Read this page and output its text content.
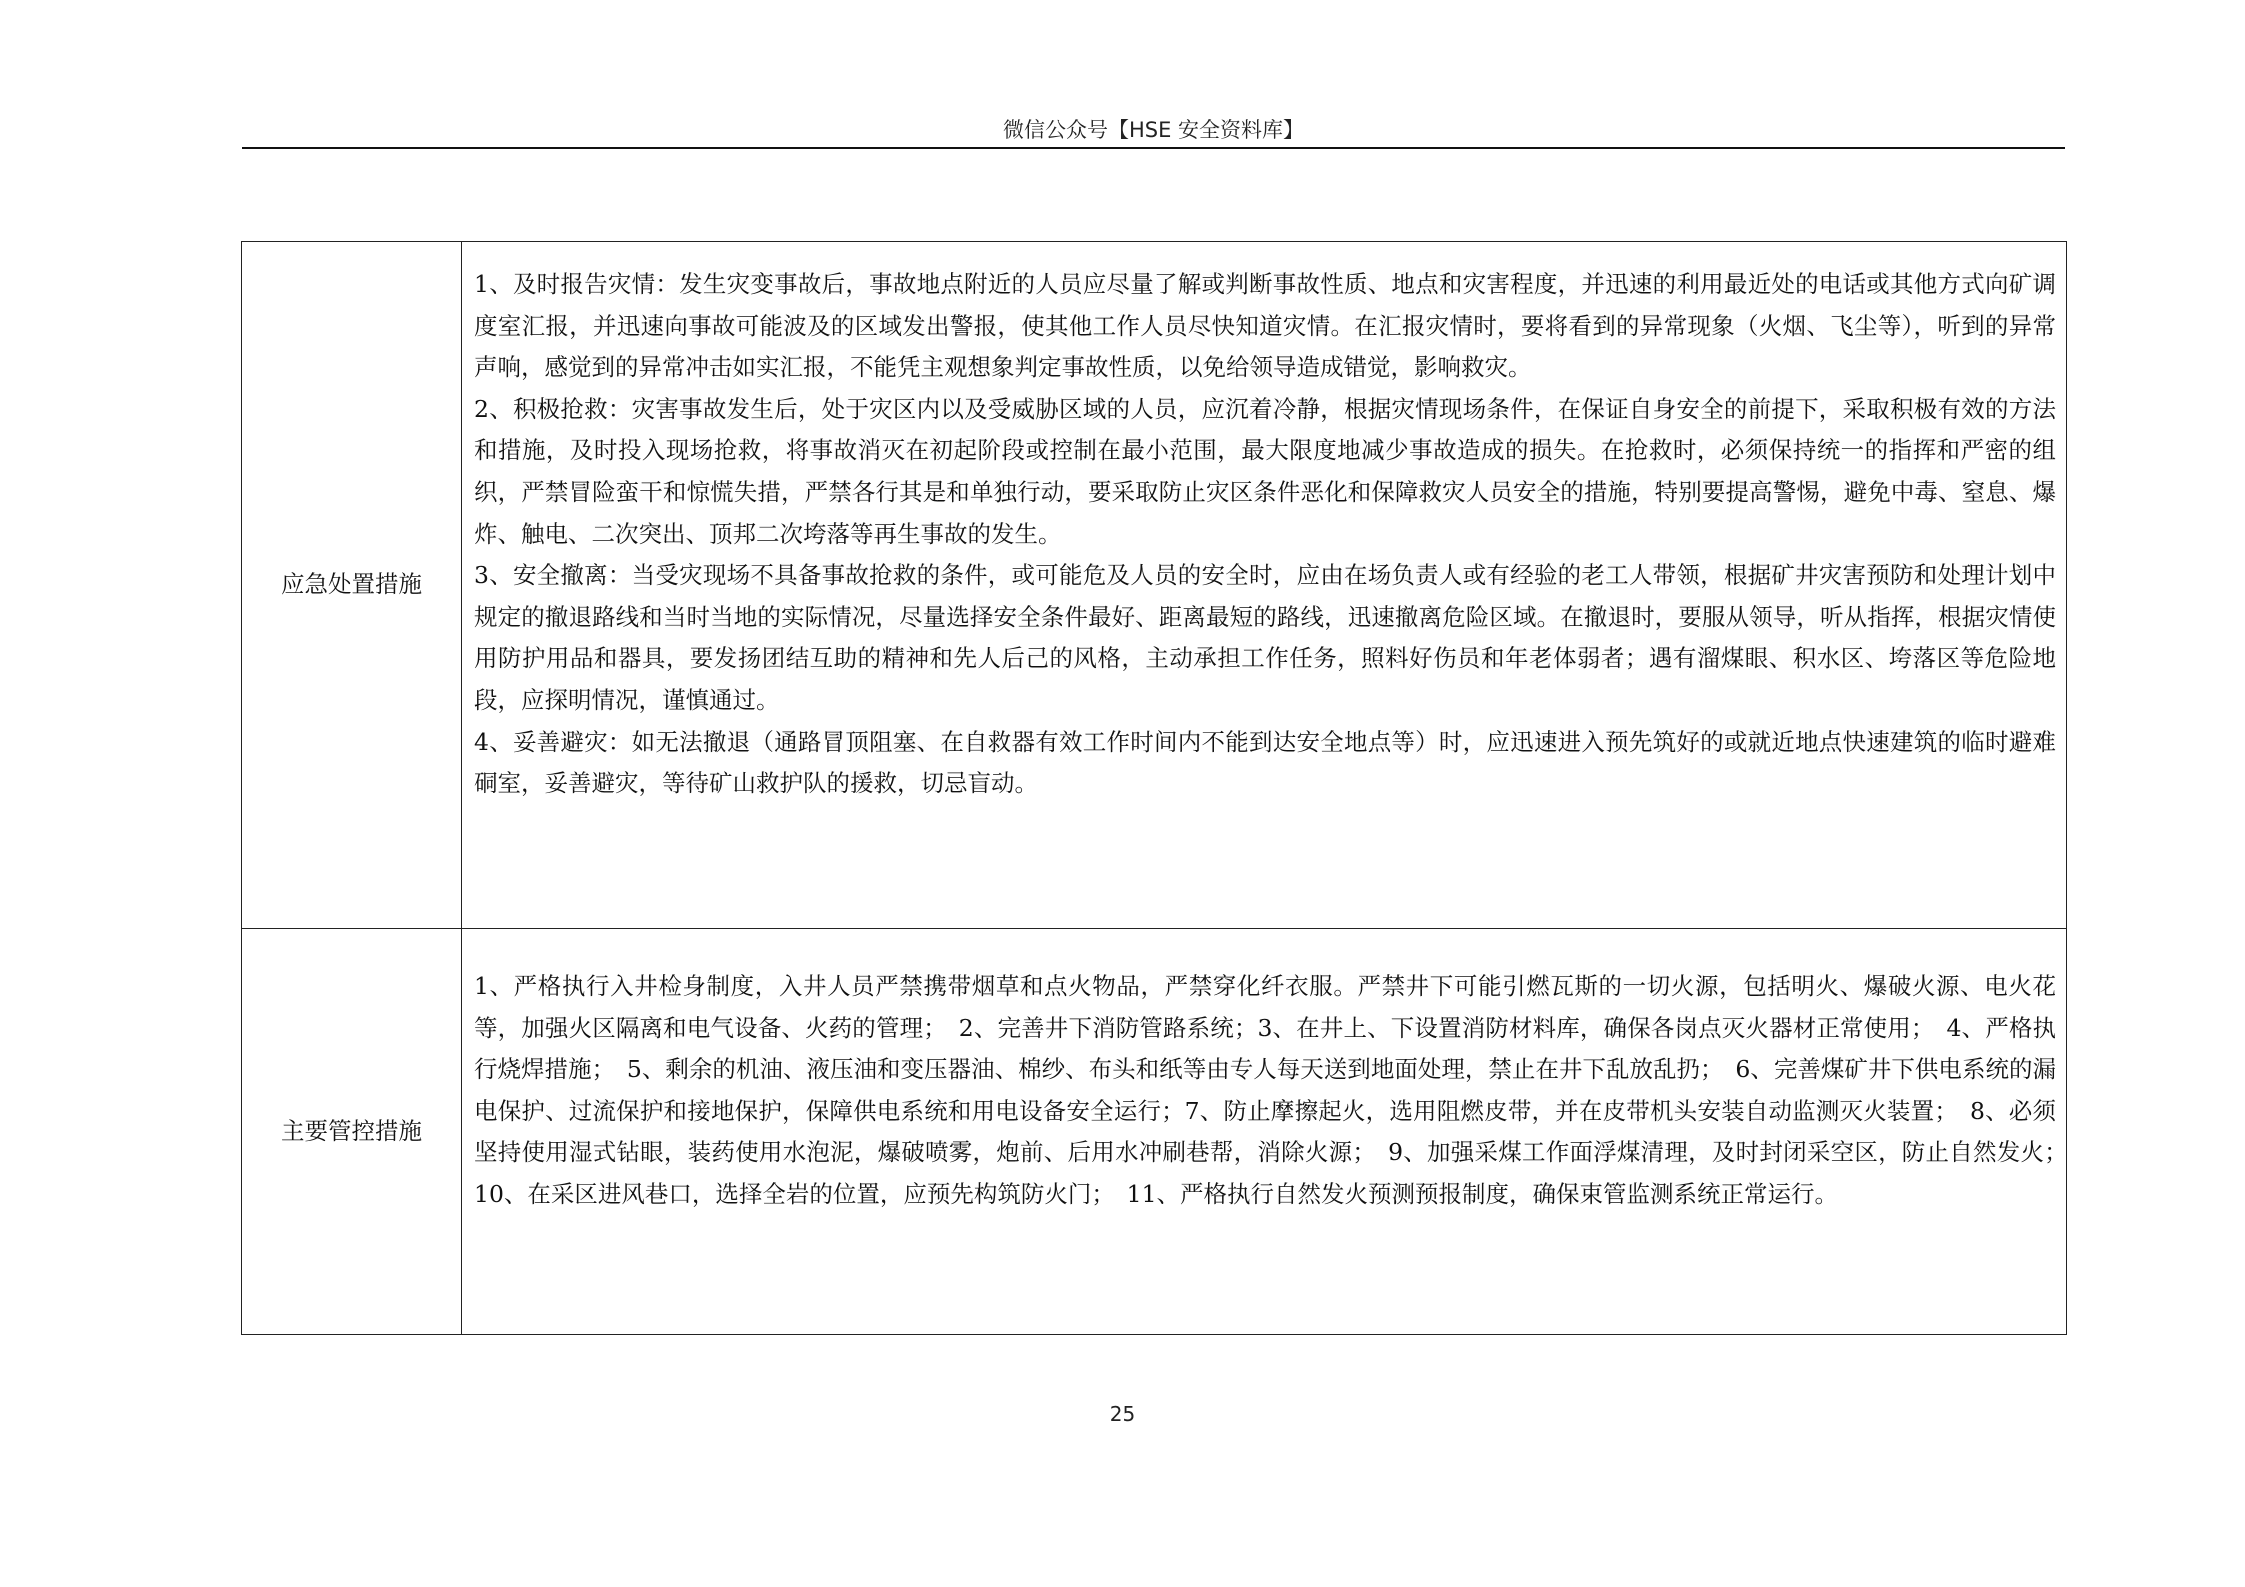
微信公众号【HSE 安全资料库】
应急处置措施	1、及时报告灾情：发生灾变事故后，事故地点附近的人员应尽量了解或判断事故性质、地点和灾害程度，并迅速的利用最近处的电话或其他方式向矿调度室汇报，并迅速向事故可能波及的区域发出警报，使其他工作人员尽快知道灾情。在汇报灾情时，要将看到的异常现象（火烟、飞尘等），听到的异常声响，感觉到的异常冲击如实汇报，不能凭主观想象判定事故性质，以免给领导造成错觉，影响救灾。

2、积极抢救：灾害事故发生后，处于灾区内以及受威胁区域的人员，应沉着冷静，根据灾情现场条件，在保证自身安全的前提下，采取积极有效的方法和措施，及时投入现场抢救，将事故消灭在初起阶段或控制在最小范围，最大限度地减少事故造成的损失。在抢救时，必须保持统一的指挥和严密的组织，严禁冒险蛮干和惊慌失措，严禁各行其是和单独行动，要采取防止灾区条件恶化和保障救灾人员安全的措施，特别要提高警惕，避免中毒、窒息、爆炸、触电、二次突出、顶邦二次垮落等再生事故的发生。

3、安全撤离：当受灾现场不具备事故抢救的条件，或可能危及人员的安全时，应由在场负责人或有经验的老工人带领，根据矿井灾害预防和处理计划中规定的撤退路线和当时当地的实际情况，尽量选择安全条件最好、距离最短的路线，迅速撤离危险区域。在撤退时，要服从领导，听从指挥，根据灾情使用防护用品和器具，要发扬团结互助的精神和先人后己的风格，主动承担工作任务，照料好伤员和年老体弱者；遇有溜煤眼、积水区、垮落区等危险地段，应探明情况，谨慎通过。

4、妥善避灾：如无法撤退（通路冒顶阻塞、在自救器有效工作时间内不能到达安全地点等）时，应迅速进入预先筑好的或就近地点快速建筑的临时避难硐室，妥善避灾，等待矿山救护队的援救，切忌盲动。

主要管控措施	1、严格执行入井检身制度，入井人员严禁携带烟草和点火物品，严禁穿化纤衣服。严禁井下可能引燃瓦斯的一切火源，包括明火、爆破火源、电火花等，加强火区隔离和电气设备、火药的管理；　2、完善井下消防管路系统；3、在井上、下设置消防材料库，确保各岗点灭火器材正常使用；　4、严格执行烧焊措施；　5、剩余的机油、液压油和变压器油、棉纱、布头和纸等由专人每天送到地面处理，禁止在井下乱放乱扔；　6、完善煤矿井下供电系统的漏电保护、过流保护和接地保护，保障供电系统和用电设备安全运行；7、防止摩擦起火，选用阻燃皮带，并在皮带机头安装自动监测灭火装置；　8、必须坚持使用湿式钻眼，装药使用水泡泥，爆破喷雾，炮前、后用水冲刷巷帮，消除火源；　9、加强采煤工作面浮煤清理，及时封闭采空区，防止自然发火；　10、在采区进风巷口，选择全岩的位置，应预先构筑防火门；　11、严格执行自然发火预测预报制度，确保束管监测系统正常运行。

25
